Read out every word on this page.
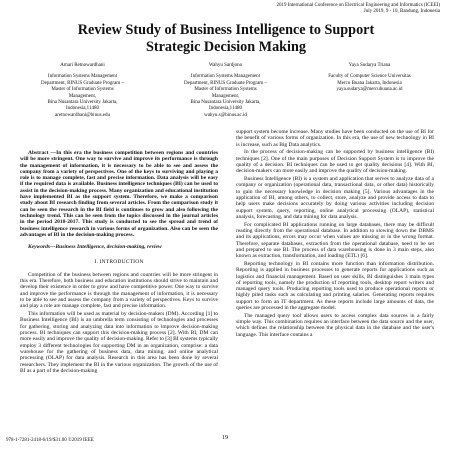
2019 International Conference on Electrical Engineering and Informatics (ICEEI)
July 2019, 9 - 10, Bandung, Indonesia
Review Study of Business Intelligence to Support
Strategic Decision Making
Amari Retnowardhani
Information Systems Management
Department, BINUS Graduate Program –
Master of Information Systems
Management,
Bina Nusantara University Jakarta,
Indonesia,11480
aretnowardhani@binus.edu
Wahyu Sardjono
Information Systems Management
Department, BINUS Graduate Program –
Master of Information Systems
Management,
Bina Nusantara University Jakarta,
Indonesia,11480
wahyu.s@binus.ac.id
Yaya Sudarya Triana
Faculty of Computer Science Universitas
Mercu Buana Jakarta, Indonesia
yaya.sudarya@mercubuana.ac.id

Abstract —In this era the business competition between regions and countries will be more stringent. One way to survive and improve its performance is through the management of information, it is necessary to be able to see and assess the company from a variety of perspectives. One of the keys to surviving and playing a role is to manage complete, fast and precise information. Data analysis will be easy if the required data is available. Business intelligence techniques (BI) can be used to assist in the decision-making process. Many organization and educational institution have implemented BI as the support system. Therefore, we make a comparison study about BI research finding from several articles. From the comparison study it can be seen the research in the BI field is continues to grow and also following the technology trend. This can be seen from the topics discussed in the journal articles in the period 2010-2017. This study is conducted to see the spread and trend of business intelligence research in various forms of organization. Also can be seen the advantages of BI in the decision-making process.

Keywords—Business Intelligence, decision-making, review

I. INTRODUCTION

Competition of the business between regions and countries will be more stringent in this era. Therefore, both business and education institutions should strive to maintain and develop their existence in order to grow and have competitive power. One way to survive and improve the performance is through the management of information, it is necessary to be able to see and assess the company from a variety of perspectives. Keys to survive and play a role are manage complete, fast and precise information.

This information will be used as material by decision-makers (DM). According [1] to Business Intelligence (BI) is an umbrella term consisting of technologies and processes for gathering, storing and analyzing data into information to improve decision-making process. BI techniques can support this decision-making process [2]. With BI, DM can more easily and improve the quality of decision-making. Refer to [3] BI systems typically employ 3 different technologies for supporting DM in an organization, comprise: a data warehouse for the gathering of business data, data mining, and online analytical processing (OLAP) for data analysis. Research in this area has been done by several researchers. They implement the BI in the various organization. The growth of the use of BI as a part of the decision-making

support system become increase. Many studies have been conducted on the use of BI for the benefit of various forms of organization. In this era, the use of new technology in BI is increase, such as Big Data analytics.

In the process of decision-making can be supported by business intelligence (BI) techniques [2]. One of the main purposes of Decision Support System is to improve the quality of a decision. BI techniques can be used to get quality decisions [4]. With BI, decision-makers can more easily and improve the quality of decision-making.

Business Intelligence (BI) is a system and application that serves to analyze data of a company or organization (operational data, transactional data, or other data) historically to gain the necessary knowledge in decision making [5]. Various advantages in the application of BI, among others, to collect, store, analyze and provide access to data to help users make decisions accurately by doing various activities including decision support system, query, reporting, online analytical processing (OLAP), statistical analysis, forecasting, and data mining for data analysis.

For complicated BI applications running on large databases, there may be difficult reading directly from the operational database. In addition to slowing down the DBMS and its applications, errors may occur when values are missing or in the wrong format. Therefore, separate databases, extraction from the operational database, need to be set and prepared to use BI. The process of data warehousing is done in 3 main steps, also known as extraction, transformation, and loading (ETL) [6].

Reporting technology in BI contains more function than information distribution. Reporting is applied in business processes to generate reports for applications such as logistics and financial management. Based on user skills, BI distinguishes 3 main types of reporting tools, namely the production of reporting tools, desktop report writers and managed query tools. Producing reporting tools used to produce operational reports or highly piled tasks such as calculating and printing salaries. Generating reports requires support to form an IT department. As these reports include large amounts of data, the queries are processed in the aggregate model.

The managed query tool allows users to access complex data sources in a fairly simple way. This combination requires an interface between the data source and the user, which defines the relationship between the physical data in the database and the user's language. This interface contains a

978-1-7281-2418-6/19/$31.00 ©2019 IEEE	19
